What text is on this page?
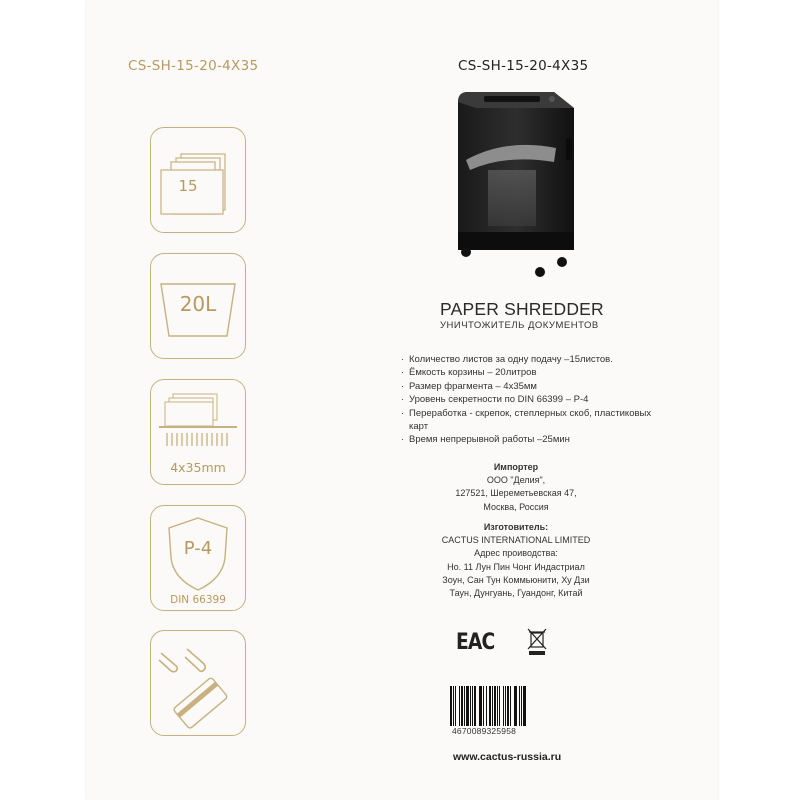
CS-SH-15-20-4X35
15
20L
4x35mm
P-4
DIN 66399
CS-SH-15-20-4X35
PAPER SHREDDER
УНИЧТОЖИТЕЛЬ ДОКУМЕНТОВ
· Количество листов за одну подачу –15листов.
· Ёмкость корзины – 20литров
· Размер фрагмента – 4х35мм
· Уровень секретности по DIN 66399 – P-4
· Переработка - скрепок, степлерных скоб, пластиковых карт
· Время непрерывной работы –25мин
Импортер
ООО "Делия",
127521, Шереметьевская 47,
Москва, Россия
Изготовитель:
CACTUS INTERNATIONAL LIMITED
Адрес проиводства:
Но. 11 Лун Пин Чонг Индастриал
Зоун, Сан Тун Коммьюнити, Ху Дзи
Таун, Дунгуань, Гуандонг, Китай
EAC
4670089325958
www.cactus-russia.ru
